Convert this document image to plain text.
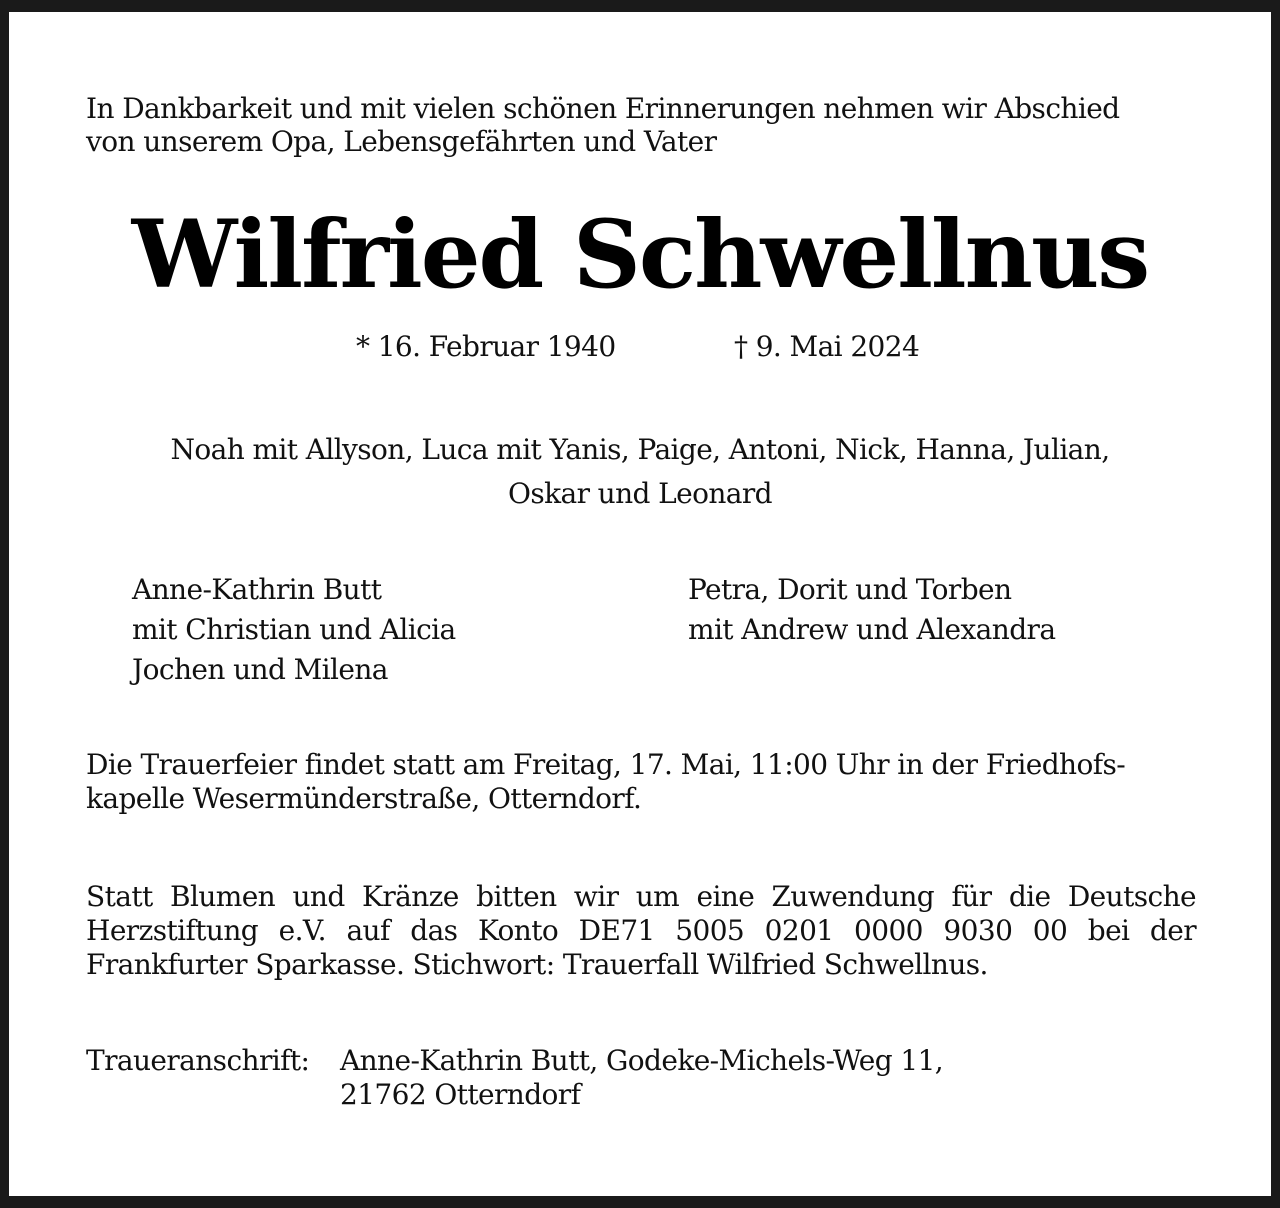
In Dankbarkeit und mit vielen schönen Erinnerungen nehmen wir Abschied
von unserem Opa, Lebensgefährten und Vater
Wilfried Schwellnus
* 16. Februar 1940	† 9. Mai 2024
Noah mit Allyson, Luca mit Yanis, Paige, Antoni, Nick, Hanna, Julian,
Oskar und Leonard
Anne-Kathrin Butt
mit Christian und Alicia
Jochen und Milena
Petra, Dorit und Torben
mit Andrew und Alexandra
Die Trauerfeier findet statt am Freitag, 17. Mai, 11:00 Uhr in der Friedhofs-
kapelle Wesermünderstraße, Otterndorf.
Statt Blumen und Kränze bitten wir um eine Zuwendung für die Deutsche
Herzstiftung e.V. auf das Konto DE71 5005 0201 0000 9030 00 bei der
Frankfurter Sparkasse. Stichwort: Trauerfall Wilfried Schwellnus.
Traueranschrift: Anne-Kathrin Butt, Godeke-Michels-Weg 11,
21762 Otterndorf
